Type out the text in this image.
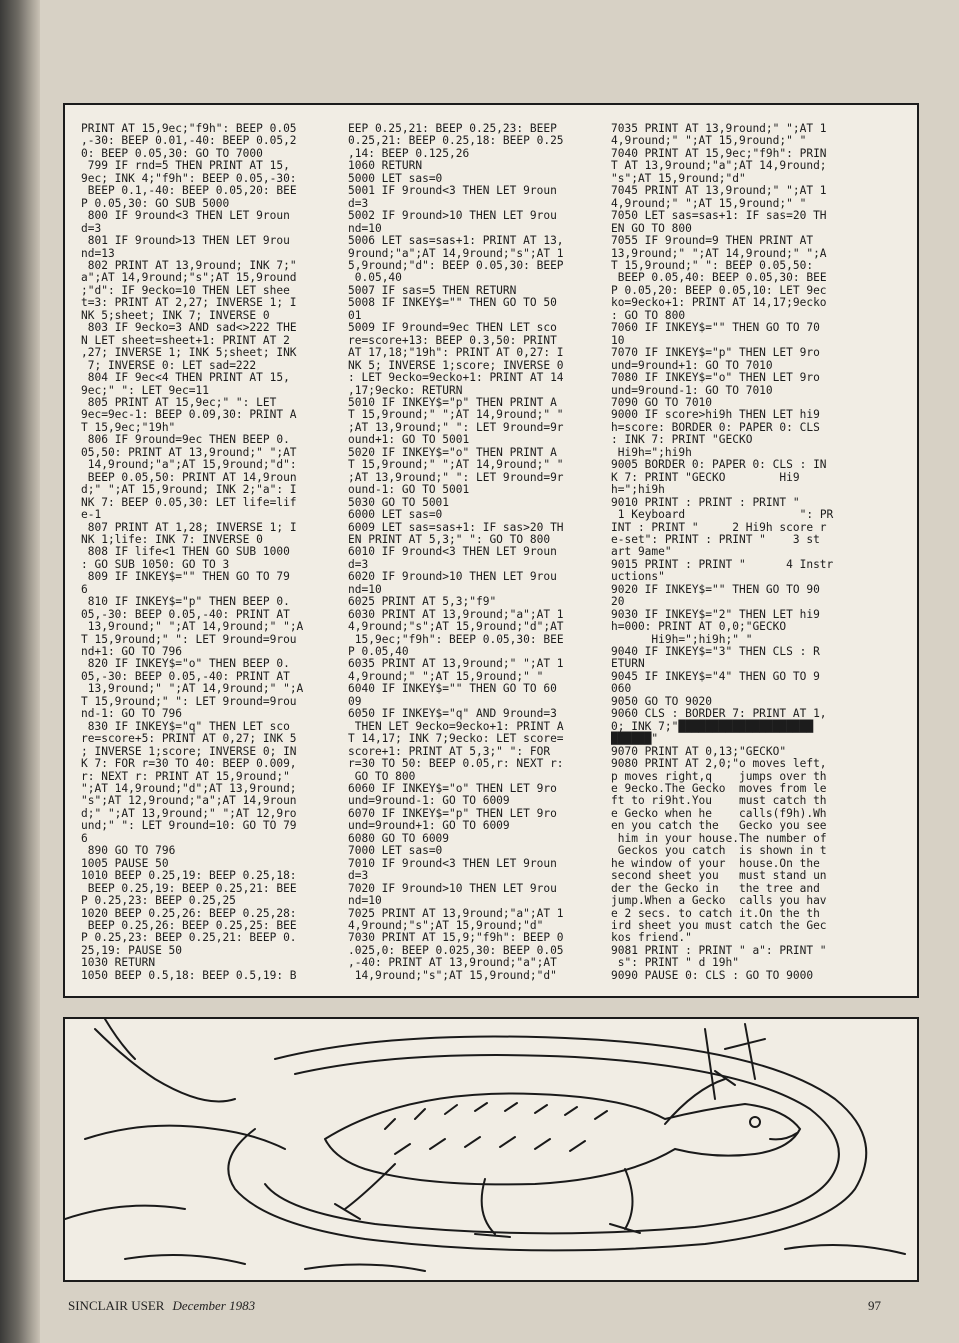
PRINT AT 15,9ec;"f9h": BEEP 0.05
,-30: BEEP 0.01,-40: BEEP 0.05,2
0: BEEP 0.05,30: GO TO 7000
799 IF rnd=5 THEN PRINT AT 15,
9ec; INK 4;"f9h": BEEP 0.05,-30:
BEEP 0.1,-40: BEEP 0.05,20: BEE
P 0.05,30: GO SUB 5000
800 IF 9round<3 THEN LET 9roun
d=3
801 IF 9round>13 THEN LET 9rou
nd=13
802 PRINT AT 13,9round; INK 7;"
a";AT 14,9round;"s";AT 15,9round
;"d": IF 9ecko=10 THEN LET shee
t=3: PRINT AT 2,27; INVERSE 1; I
NK 5;sheet; INK 7; INVERSE 0
803 IF 9ecko=3 AND sad<>222 THE
N LET sheet=sheet+1: PRINT AT 2
,27; INVERSE 1; INK 5;sheet; INK
7; INVERSE 0: LET sad=222
804 IF 9ec<4 THEN PRINT AT 15,
9ec;" ": LET 9ec=11
805 PRINT AT 15,9ec;" ": LET
9ec=9ec-1: BEEP 0.09,30: PRINT A
T 15,9ec;"19h"
806 IF 9round=9ec THEN BEEP 0.
05,50: PRINT AT 13,9round;" ";AT
14,9round;"a";AT 15,9round;"d":
BEEP 0.05,50: PRINT AT 14,9roun
d;" ";AT 15,9round; INK 2;"a": I
NK 7: BEEP 0.05,30: LET life=lif
e-1
807 PRINT AT 1,28; INVERSE 1; I
NK 1;life: INK 7: INVERSE 0
808 IF life<1 THEN GO SUB 1000
: GO SUB 1050: GO TO 3
809 IF INKEY$="" THEN GO TO 79
6
810 IF INKEY$="p" THEN BEEP 0.
05,-30: BEEP 0.05,-40: PRINT AT
13,9round;" ";AT 14,9round;" ";A
T 15,9round;" ": LET 9round=9rou
nd+1: GO TO 796
820 IF INKEY$="o" THEN BEEP 0.
05,-30: BEEP 0.05,-40: PRINT AT
13,9round;" ";AT 14,9round;" ";A
T 15,9round;" ": LET 9round=9rou
nd-1: GO TO 796
830 IF INKEY$="q" THEN LET sco
re=score+5: PRINT AT 0,27; INK 5
; INVERSE 1;score; INVERSE 0; IN
K 7: FOR r=30 TO 40: BEEP 0.009,
r: NEXT r: PRINT AT 15,9round;"
";AT 14,9round;"d";AT 13,9round;
"s";AT 12,9round;"a";AT 14,9roun
d;" ";AT 13,9round;" ";AT 12,9ro
und;" ": LET 9round=10: GO TO 79
6
890 GO TO 796
1005 PAUSE 50
1010 BEEP 0.25,19: BEEP 0.25,18:
BEEP 0.25,19: BEEP 0.25,21: BEE
P 0.25,23: BEEP 0.25,25
1020 BEEP 0.25,26: BEEP 0.25,28:
BEEP 0.25,26: BEEP 0.25,25: BEE
P 0.25,23: BEEP 0.25,21: BEEP 0.
25,19: PAUSE 50
1030 RETURN
1050 BEEP 0.5,18: BEEP 0.5,19: B
EEP 0.25,21: BEEP 0.25,23: BEEP
0.25,21: BEEP 0.25,18: BEEP 0.25
,14: BEEP 0.125,26
1060 RETURN
5000 LET sas=0
5001 IF 9round<3 THEN LET 9roun
d=3
5002 IF 9round>10 THEN LET 9rou
nd=10
5006 LET sas=sas+1: PRINT AT 13,
9round;"a";AT 14,9round;"s";AT 1
5,9round;"d": BEEP 0.05,30: BEEP
0.05,40
5007 IF sas=5 THEN RETURN
5008 IF INKEY$="" THEN GO TO 50
01
5009 IF 9round=9ec THEN LET sco
re=score+13: BEEP 0.3,50: PRINT
AT 17,18;"19h": PRINT AT 0,27: I
NK 5; INVERSE 1;score; INVERSE 0
: LET 9ecko=9ecko+1: PRINT AT 14
,17;9ecko: RETURN
5010 IF INKEY$="p" THEN PRINT A
T 15,9round;" ";AT 14,9round;" "
;AT 13,9round;" ": LET 9round=9r
ound+1: GO TO 5001
5020 IF INKEY$="o" THEN PRINT A
T 15,9round;" ";AT 14,9round;" "
;AT 13,9round;" ": LET 9round=9r
ound-1: GO TO 5001
5030 GO TO 5001
6000 LET sas=0
6009 LET sas=sas+1: IF sas>20 TH
EN PRINT AT 5,3;" ": GO TO 800
6010 IF 9round<3 THEN LET 9roun
d=3
6020 IF 9round>10 THEN LET 9rou
nd=10
6025 PRINT AT 5,3;"f9"
6030 PRINT AT 13,9round;"a";AT 1
4,9round;"s";AT 15,9round;"d";AT
15,9ec;"f9h": BEEP 0.05,30: BEE
P 0.05,40
6035 PRINT AT 13,9round;" ";AT 1
4,9round;" ";AT 15,9round;" "
6040 IF INKEY$="" THEN GO TO 60
09
6050 IF INKEY$="q" AND 9round=3
THEN LET 9ecko=9ecko+1: PRINT A
T 14,17; INK 7;9ecko: LET score=
score+1: PRINT AT 5,3;" ": FOR
r=30 TO 50: BEEP 0.05,r: NEXT r:
GO TO 800
6060 IF INKEY$="o" THEN LET 9ro
und=9round-1: GO TO 6009
6070 IF INKEY$="p" THEN LET 9ro
und=9round+1: GO TO 6009
6080 GO TO 6009
7000 LET sas=0
7010 IF 9round<3 THEN LET 9roun
d=3
7020 IF 9round>10 THEN LET 9rou
nd=10
7025 PRINT AT 13,9round;"a";AT 1
4,9round;"s";AT 15,9round;"d"
7030 PRINT AT 15,9;"f9h": BEEP 0
.025,0: BEEP 0.025,30: BEEP 0.05
,-40: PRINT AT 13,9round;"a";AT
14,9round;"s";AT 15,9round;"d"
7035 PRINT AT 13,9round;" ";AT 1
4,9round;" ";AT 15,9round;" "
7040 PRINT AT 15,9ec;"f9h": PRIN
T AT 13,9round;"a";AT 14,9round;
"s";AT 15,9round;"d"
7045 PRINT AT 13,9round;" ";AT 1
4,9round;" ";AT 15,9round;" "
7050 LET sas=sas+1: IF sas=20 TH
EN GO TO 800
7055 IF 9round=9 THEN PRINT AT
13,9round;" ";AT 14,9round;" ";A
T 15,9round;" ": BEEP 0.05,50:
BEEP 0.05,40: BEEP 0.05,30: BEE
P 0.05,20: BEEP 0.05,10: LET 9ec
ko=9ecko+1: PRINT AT 14,17;9ecko
: GO TO 800
7060 IF INKEY$="" THEN GO TO 70
10
7070 IF INKEY$="p" THEN LET 9ro
und=9round+1: GO TO 7010
7080 IF INKEY$="o" THEN LET 9ro
und=9round-1: GO TO 7010
7090 GO TO 7010
9000 IF score>hi9h THEN LET hi9
h=score: BORDER 0: PAPER 0: CLS
: INK 7: PRINT "GECKO
Hi9h=";hi9h
9005 BORDER 0: PAPER 0: CLS : IN
K 7: PRINT "GECKO        Hi9
h=";hi9h
9010 PRINT : PRINT : PRINT "
1 Keyboard                 ": PR
INT : PRINT "     2 Hi9h score r
e-set": PRINT : PRINT "    3 st
art 9ame"
9015 PRINT : PRINT "      4 Instr
uctions"
9020 IF INKEY$="" THEN GO TO 90
20
9030 IF INKEY$="2" THEN LET hi9
h=000: PRINT AT 0,0;"GECKO
Hi9h=";hi9h;" "
9040 IF INKEY$="3" THEN CLS : R
ETURN
9045 IF INKEY$="4" THEN GO TO 9
060
9050 GO TO 9020
9060 CLS : BORDER 7: PRINT AT 1,
0; INK 7;"████████████████████
██████"
9070 PRINT AT 0,13;"GECKO"
9080 PRINT AT 2,0;"o moves left,
p moves right,q    jumps over th
e 9ecko.The Gecko  moves from le
ft to ri9ht.You    must catch th
e Gecko when he    calls(f9h).Wh
en you catch the   Gecko you see
him in your house.The number of
Geckos you catch  is shown in t
he window of your  house.On the
second sheet you   must stand un
der the Gecko in   the tree and
jump.When a Gecko  calls you hav
e 2 secs. to catch it.On the th
ird sheet you must catch the Gec
kos friend."
9081 PRINT : PRINT " a": PRINT "
s": PRINT " d 19h"
9090 PAUSE 0: CLS : GO TO 9000
SINCLAIR USER December 1983	97
